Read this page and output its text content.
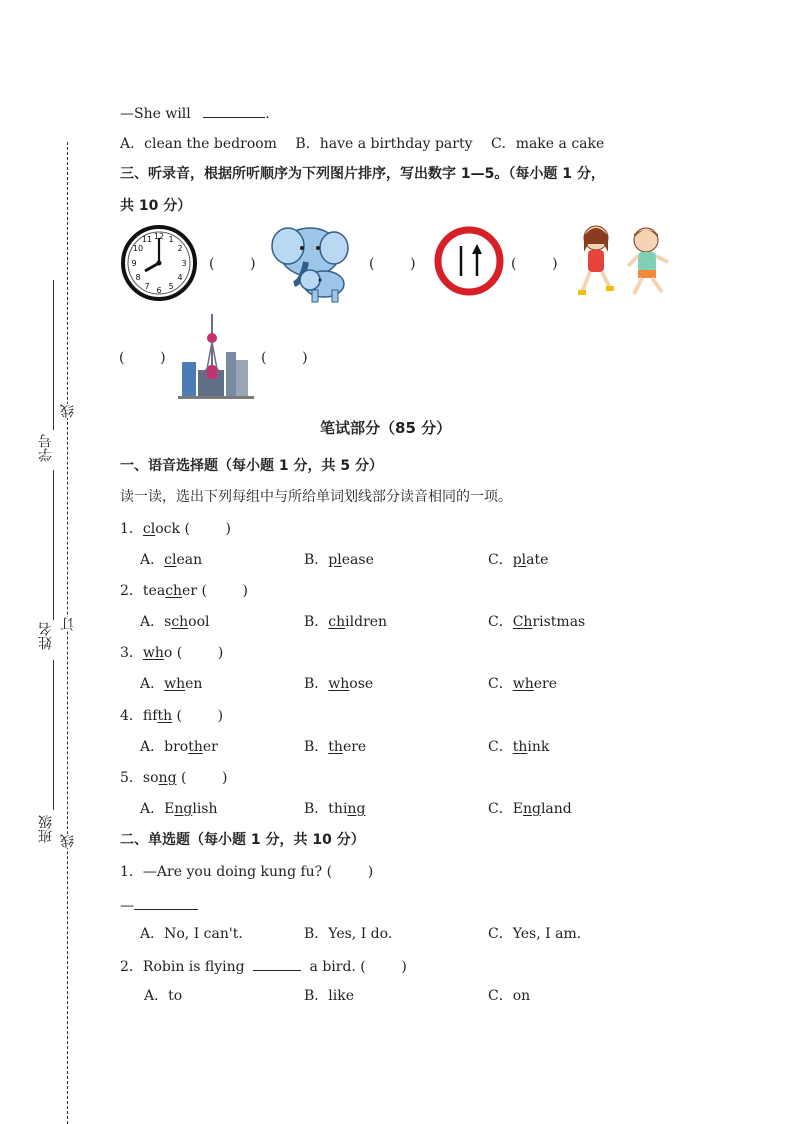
学号
姓名
班级
线
订
线
—She will	.
A．clean the bedroom B．have a birthday party C．make a cake
三、听录音，根据所听顺序为下列图片排序，写出数字 1—5。（每小题 1 分，
共 10 分）
12 1
2
3
4
5
6
7
8
9
10
11
(        )	(        )	(        )
(        )	(        )
笔试部分（85 分）
一、语音选择题（每小题 1 分，共 5 分）
读一读，选出下列每组中与所给单词划线部分读音相同的一项。
1．clock (        )
A．clean	B．please	C．plate
2．teacher (        )
A．school	B．children	C．Christmas
3．who (        )
A．when	B．whose	C．where
4．fifth (        )
A．brother	B．there	C．think
5．song (        )
A．English	B．thing	C．England
二、单选题（每小题 1 分，共 10 分）
1．—Are you doing kung fu? (        )
—
A．No, I can't.	B．Yes, I do.	C．Yes, I am.
2．Robin is flying	a bird. (        )
A．to	B．like	C．on
